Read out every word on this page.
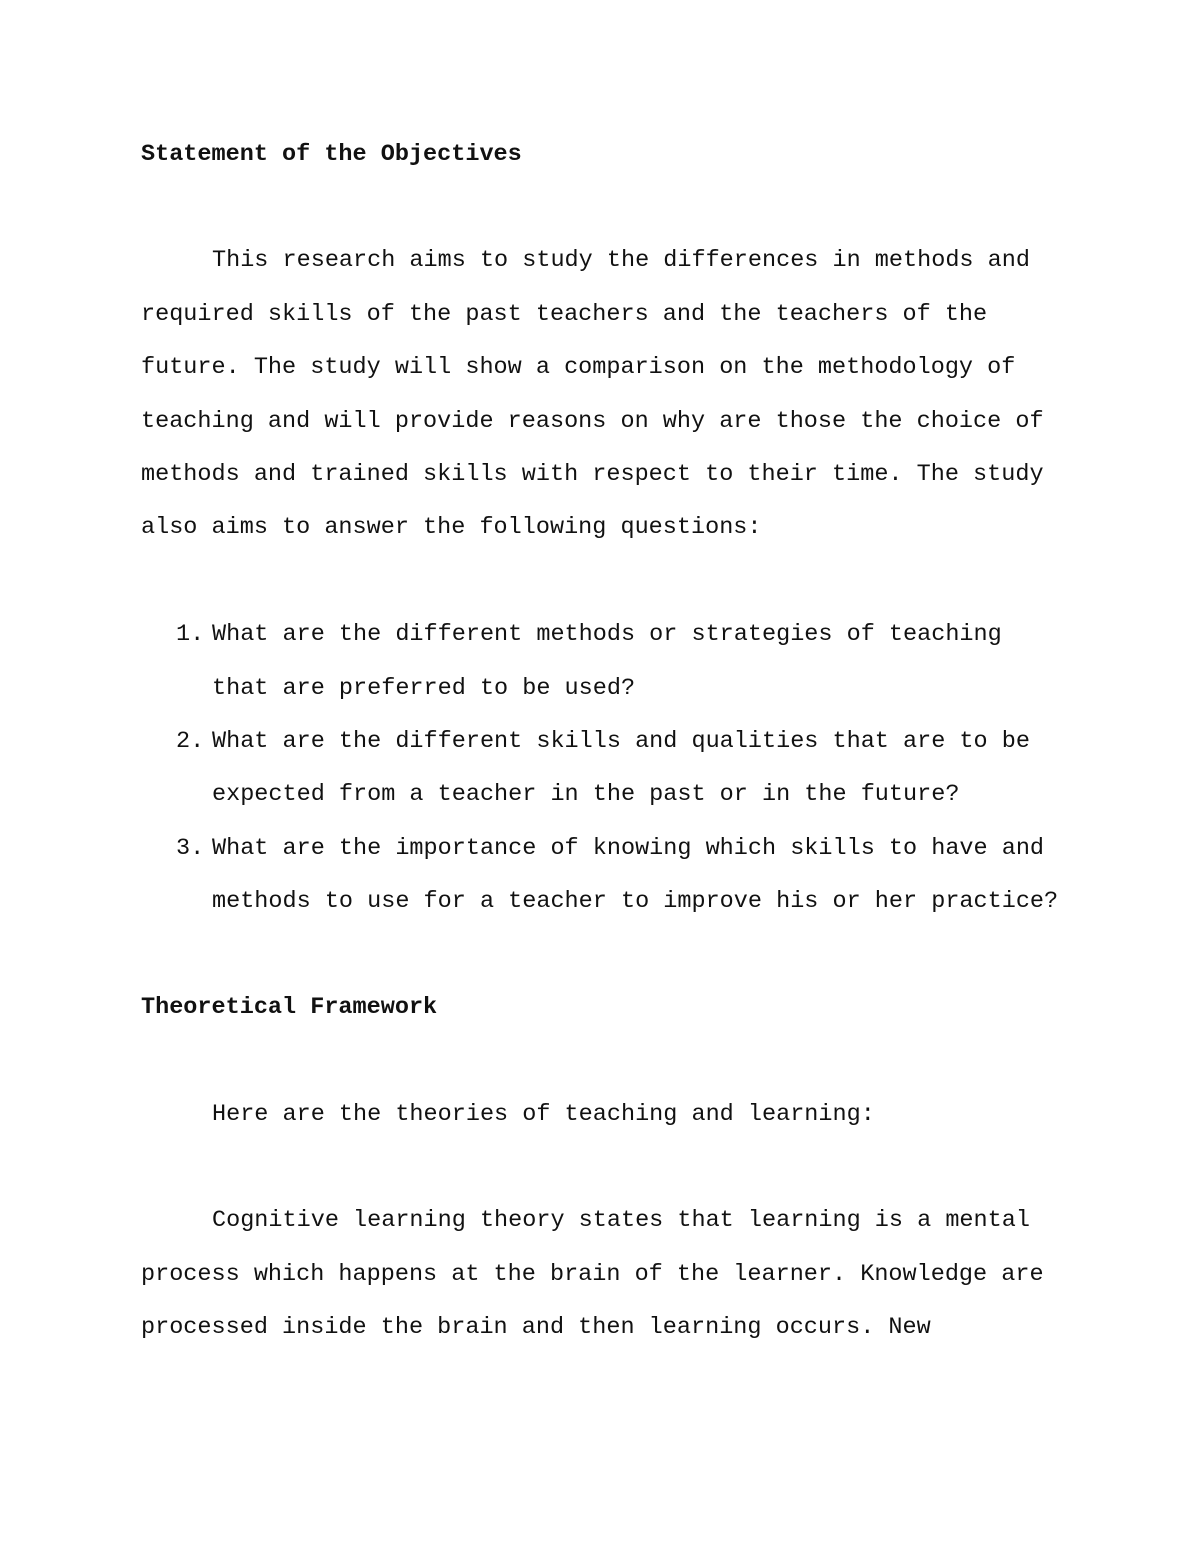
Statement of the Objectives
This research aims to study the differences in methods and
required skills of the past teachers and the teachers of the
future. The study will show a comparison on the methodology of
teaching and will provide reasons on why are those the choice of
methods and trained skills with respect to their time. The study
also aims to answer the following questions:
1. What are the different methods or strategies of teaching
that are preferred to be used?
2. What are the different skills and qualities that are to be
expected from a teacher in the past or in the future?
3. What are the importance of knowing which skills to have and
methods to use for a teacher to improve his or her practice?
Theoretical Framework
Here are the theories of teaching and learning:
Cognitive learning theory states that learning is a mental
process which happens at the brain of the learner. Knowledge are
processed inside the brain and then learning occurs. New
